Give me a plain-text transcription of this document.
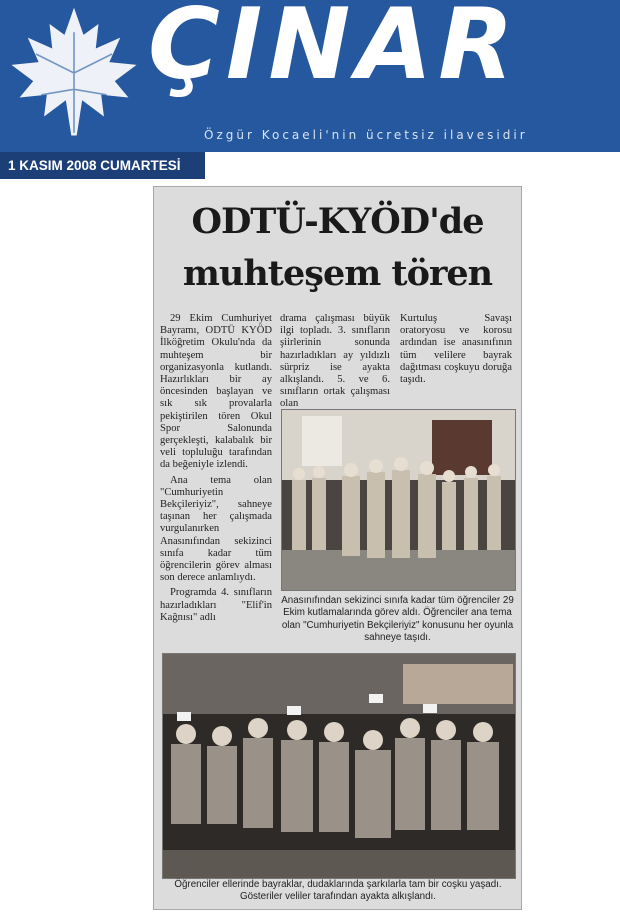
ÇINAR
Özgür Kocaeli'nin ücretsiz ilavesidir
1 KASIM 2008 CUMARTESİ
ODTÜ-KYÖD'de
muhteşem tören

29 Ekim Cumhuriyet Bayramı, ODTÜ KYÖD İlköğretim Okulu'nda da muhteşem bir organizasyonla kutlandı. Hazırlıkları bir ay öncesinden başlayan ve sık sık provalarla pekiştirilen tören Okul Spor Salonunda gerçekleşti, kalabalık bir veli topluluğu tarafından da beğeniyle izlendi.

Ana tema olan "Cumhuriyetin Bekçileriyiz", sahneye taşınan her çalışmada vurgulanırken Anasınıfından sekizinci sınıfa kadar tüm öğrencilerin görev alması son derece anlamlıydı.

Programda 4. sınıfların hazırladıkları "Elif'in Kağnısı" adlı

drama çalışması büyük ilgi topladı. 3. sınıfların şiirlerinin sonunda hazırladıkları ay yıldızlı sürpriz ise ayakta alkışlandı. 5. ve 6. sınıfların ortak çalışması olan

Kurtuluş Savaşı oratoryosu ve korosu ardından ise anasınıfının tüm velilere bayrak dağıtması coşkuyu doruğa taşıdı.

Anasınıfından sekizinci sınıfa kadar tüm öğrenciler 29 Ekim kutlamalarında görev aldı. Öğrenciler ana tema olan "Cumhuriyetin Bekçileriyiz" konusunu her oyunla sahneye taşıdı.
Öğrenciler ellerinde bayraklar, dudaklarında şarkılarla tam bir coşku yaşadı. Gösteriler veliler tarafından ayakta alkışlandı.
